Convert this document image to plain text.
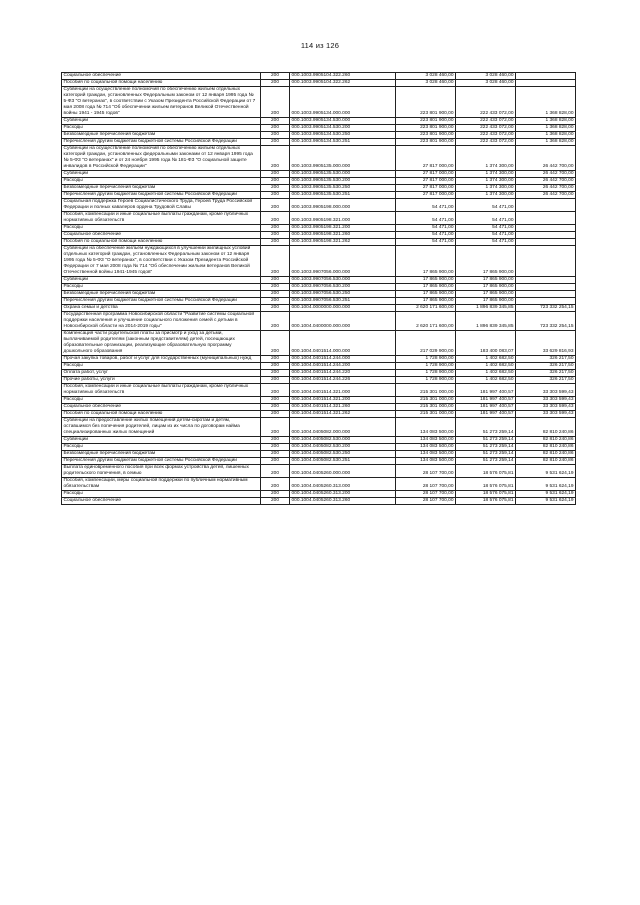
114 из 126
Социальное обеспечение	200	000.1003.9905104.322.260	3 028 460,00	3 028 460,00	
Пособия по социальной помощи населению	200	000.1003.9905104.322.262	3 028 460,00	3 028 460,00	
Субвенции на осуществление полномочий по обеспечению жильем отдельных категорий граждан, установленных Федеральным законом от 12 января 1995 года № 5-ФЗ "О ветеранах", в соответствии с Указом Президента Российской Федерации от 7 мая 2008 года № 714 "Об обеспечении жильем ветеранов Великой Отечественной войны 1941 - 1945 годов"	200	000.1003.9905134.000.000	223 801 900,00	222 433 072,00	1 368 828,00
Субвенции	200	000.1003.9905134.530.000	223 801 900,00	222 433 072,00	1 368 828,00
Расходы	200	000.1003.9905134.530.200	223 801 900,00	222 433 072,00	1 368 828,00
Безвозмездные перечисления бюджетам	200	000.1003.9905134.530.250	223 801 900,00	222 433 072,00	1 368 828,00
Перечисления другим бюджетам бюджетной системы Российской Федерации	200	000.1003.9905134.530.251	223 801 900,00	222 433 072,00	1 368 828,00
Субвенции на осуществление полномочий по обеспечению жильем отдельных категорий граждан, установленных федеральными законами от 12 января 1995 года № 5-ФЗ "О ветеранах" и от 24 ноября 1995 года № 181-ФЗ "О социальной защите инвалидов в Российской Федерации"	200	000.1003.9905135.000.000	27 817 000,00	1 374 300,00	26 442 700,00
Субвенции	200	000.1003.9905135.530.000	27 817 000,00	1 374 300,00	26 442 700,00
Расходы	200	000.1003.9905135.530.200	27 817 000,00	1 374 300,00	26 442 700,00
Безвозмездные перечисления бюджетам	200	000.1003.9905135.530.250	27 817 000,00	1 374 300,00	26 442 700,00
Перечисления другим бюджетам бюджетной системы Российской Федерации	200	000.1003.9905135.530.251	27 817 000,00	1 374 300,00	26 442 700,00
Социальная поддержка Героев Социалистического Труда, Героев Труда Российской Федерации и полных кавалеров ордена Трудовой Славы	200	000.1003.9905198.000.000	54 471,00	54 471,00	
Пособия, компенсации и иные социальные выплаты гражданам, кроме публичных нормативных обязательств	200	000.1003.9905198.321.000	54 471,00	54 471,00	
Расходы	200	000.1003.9905198.321.200	54 471,00	54 471,00	
Социальное обеспечение	200	000.1003.9905198.321.260	54 471,00	54 471,00	
Пособия по социальной помощи населению	200	000.1003.9905198.321.262	54 471,00	54 471,00	
Субвенции на обеспечение жильем нуждающихся в улучшении жилищных условий отдельных категорий граждан, установленных Федеральным законом от 12 января 1995 года № 5-ФЗ "О ветеранах", в соответствии с Указом Президента Российской Федерации от 7 мая 2008 года № 714 "Об обеспечении жильем ветеранов Великой Отечественной войны 1941-1945 годов"	200	000.1003.9907056.000.000	17 865 900,00	17 865 900,00	
Субвенции	200	000.1003.9907056.530.000	17 865 900,00	17 865 900,00	
Расходы	200	000.1003.9907056.530.200	17 865 900,00	17 865 900,00	
Безвозмездные перечисления бюджетам	200	000.1003.9907056.530.250	17 865 900,00	17 865 900,00	
Перечисления другим бюджетам бюджетной системы Российской Федерации	200	000.1003.9907056.530.251	17 865 900,00	17 865 900,00	
Охрана семьи и детства	200	000.1004.0000000.000.000	2 620 171 600,00	1 896 839 345,85	723 332 254,15
Государственная программа Новосибирской области "Развитие системы социальной поддержки населения и улучшение социального положения семей с детьми в Новосибирской области на 2014-2019 годы"	200	000.1004.0400000.000.000	2 620 171 600,00	1 896 839 345,85	723 332 254,15
Компенсация части родительской платы за присмотр и уход за детьми, выплачиваемой родителям (законным представителям) детей, посещающих образовательные организации, реализующие образовательную программу дошкольного образования	200	000.1004.0401514.000.000	217 029 900,00	183 400 083,07	33 629 816,93
Прочая закупка товаров, работ и услуг для государственных (муниципальных) нужд	200	000.1004.0401514.244.000	1 728 900,00	1 402 682,50	326 217,50
Расходы	200	000.1004.0401514.244.200	1 728 900,00	1 402 682,50	326 217,50
Оплата работ, услуг	200	000.1004.0401514.244.220	1 728 900,00	1 402 682,50	326 217,50
Прочие работы, услуги	200	000.1004.0401514.244.226	1 728 900,00	1 402 682,50	326 217,50
Пособия, компенсации и иные социальные выплаты гражданам, кроме публичных нормативных обязательств	200	000.1004.0401514.321.000	215 301 000,00	181 997 400,57	33 303 599,43
Расходы	200	000.1004.0401514.321.200	215 301 000,00	181 997 400,57	33 303 599,43
Социальное обеспечение	200	000.1004.0401514.321.260	215 301 000,00	181 997 400,57	33 303 599,43
Пособия по социальной помощи населению	200	000.1004.0401514.321.262	215 301 000,00	181 997 400,57	33 303 599,43
Субвенции на предоставление жилых помещений детям-сиротам и детям, оставшимся без попечения родителей, лицам из их числа по договорам найма специализированных жилых помещений	200	000.1004.0405082.000.000	134 083 500,00	51 273 259,14	82 810 240,86
Субвенции	200	000.1004.0405082.530.000	134 083 500,00	51 273 259,14	82 810 240,86
Расходы	200	000.1004.0405082.530.200	134 083 500,00	51 273 259,14	82 810 240,86
Безвозмездные перечисления бюджетам	200	000.1004.0405082.530.250	134 083 500,00	51 273 259,14	82 810 240,86
Перечисления другим бюджетам бюджетной системы Российской Федерации	200	000.1004.0405082.530.251	134 083 500,00	51 273 259,14	82 810 240,86
Выплата единовременного пособия при всех формах устройства детей, лишенных родительского попечения, в семью	200	000.1004.0405260.000.000	28 107 700,00	18 576 075,81	9 531 624,19
Пособия, компенсации, меры социальной поддержки по публичным нормативным обязательствам	200	000.1004.0405260.313.000	28 107 700,00	18 576 075,81	9 531 624,19
Расходы	200	000.1004.0405260.313.200	28 107 700,00	18 576 075,81	9 531 624,19
Социальное обеспечение	200	000.1004.0405260.313.260	28 107 700,00	18 576 075,81	9 531 624,19
